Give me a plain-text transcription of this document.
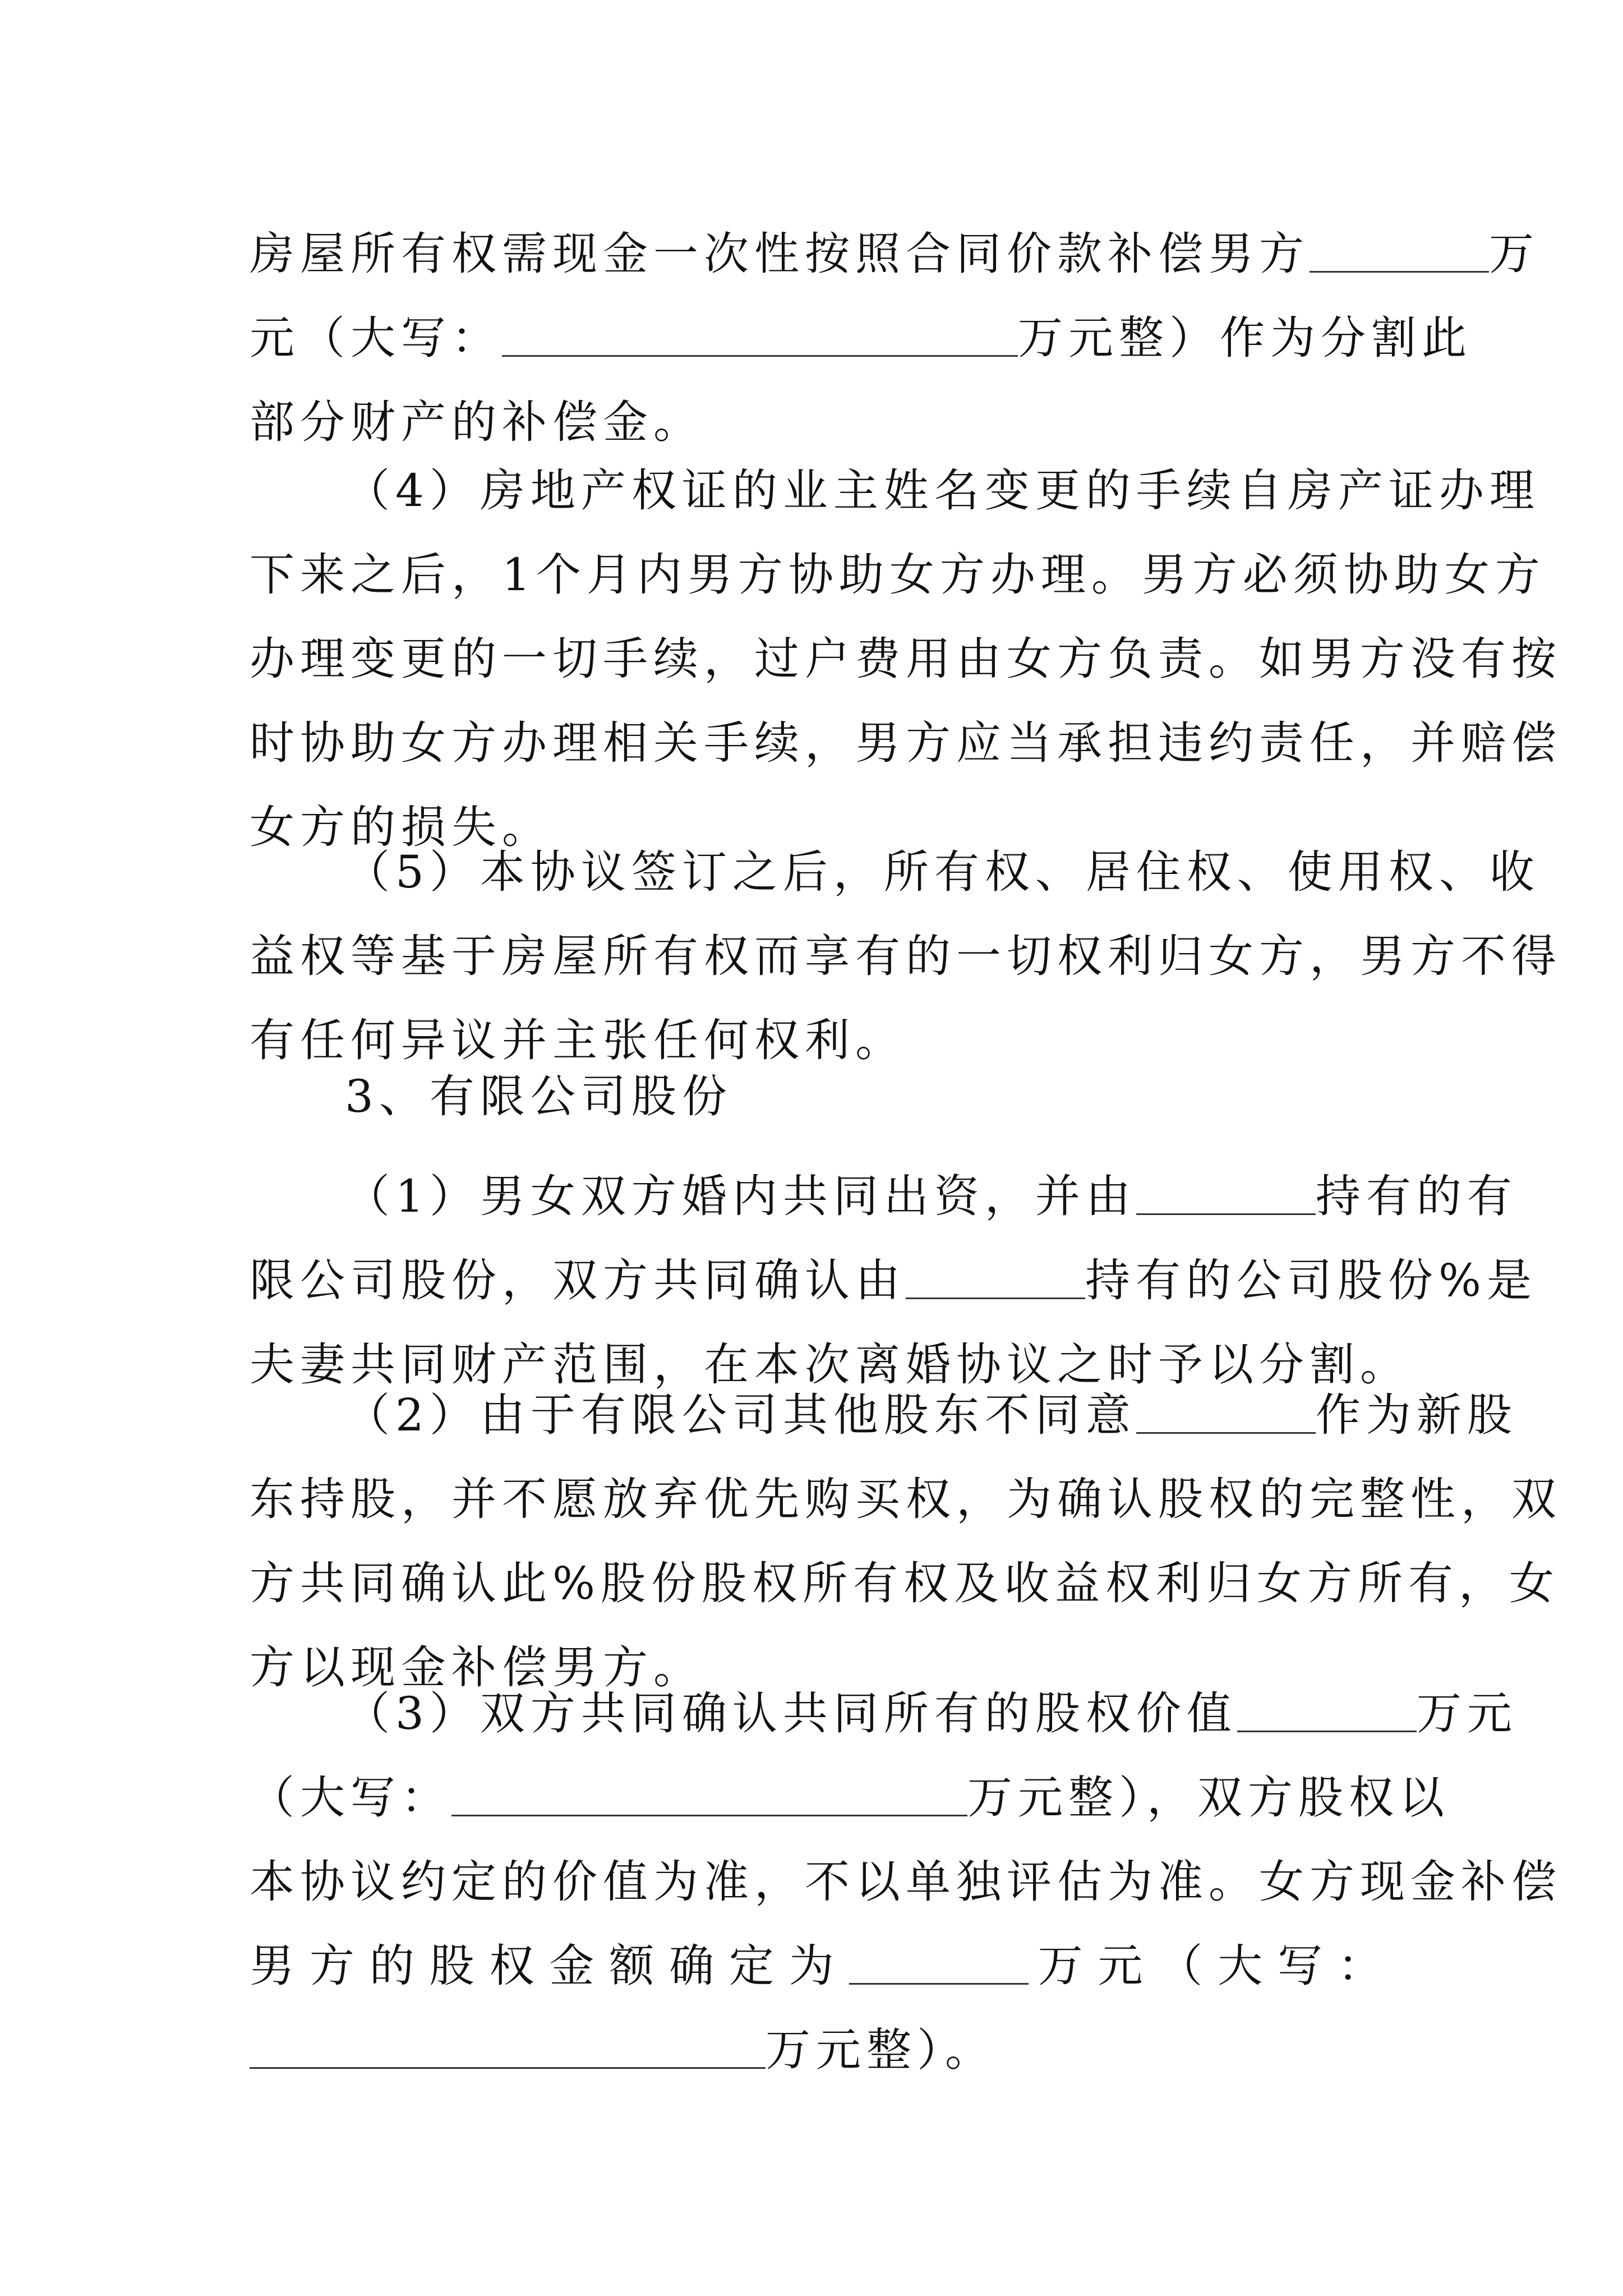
房屋所有权需现金一次性按照合同价款补偿男方	万
元（大写：	万元整）作为分割此
部分财产的补偿金。
（4）房地产权证的业主姓名变更的手续自房产证办理
下来之后，1个月内男方协助女方办理。男方必须协助女方
办理变更的一切手续，过户费用由女方负责。如男方没有按
时协助女方办理相关手续，男方应当承担违约责任，并赔偿
女方的损失。
（5）本协议签订之后，所有权、居住权、使用权、收
益权等基于房屋所有权而享有的一切权利归女方，男方不得
有任何异议并主张任何权利。
3、有限公司股份
（1）男女双方婚内共同出资，并由	持有的有
限公司股份，双方共同确认由	持有的公司股份%是
夫妻共同财产范围，在本次离婚协议之时予以分割。
（2）由于有限公司其他股东不同意	作为新股
东持股，并不愿放弃优先购买权，为确认股权的完整性，双
方共同确认此%股份股权所有权及收益权利归女方所有，女
方以现金补偿男方。
（3）双方共同确认共同所有的股权价值	万元
（大写：	万元整），双方股权以
本协议约定的价值为准，不以单独评估为准。女方现金补偿
男 方 的 股 权 金 额 确 定 为	万 元 （ 大 写 ：
万元整）。
